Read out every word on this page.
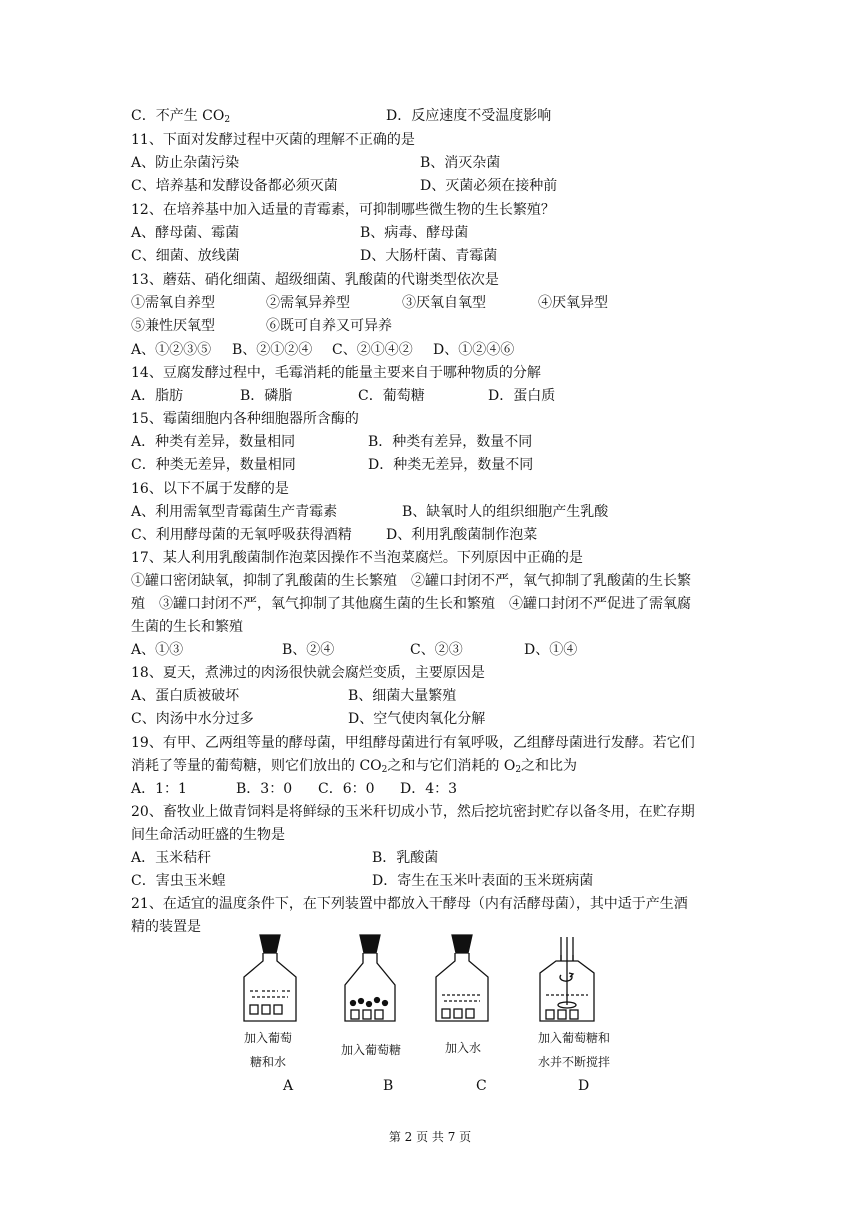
C．不产生 $CO_2$	D．反应速度不受温度影响
11、下面对发酵过程中灭菌的理解不正确的是
A、防止杂菌污染	B、消灭杂菌
C、培养基和发酵设备都必须灭菌	D、灭菌必须在接种前
12、在培养基中加入适量的青霉素，可抑制哪些微生物的生长繁殖？
A、酵母菌、霉菌	B、病毒、酵母菌
C、细菌、放线菌	D、大肠杆菌、青霉菌
13、蘑菇、硝化细菌、超级细菌、乳酸菌的代谢类型依次是
①需氧自养型	②需氧异养型	③厌氧自氧型	④厌氧异型
⑤兼性厌氧型	⑥既可自养又可异养
A、①②③⑤ B、②①②④ C、②①④② D、①②④⑥
14、豆腐发酵过程中，毛霉消耗的能量主要来自于哪种物质的分解
A．脂肪	B．磷脂	C．葡萄糖	D．蛋白质
15、霉菌细胞内各种细胞器所含酶的
A．种类有差异，数量相同	B．种类有差异，数量不同
C．种类无差异，数量相同	D．种类无差异，数量不同
16、以下不属于发酵的是
A、利用需氧型青霉菌生产青霉素	B、缺氧时人的组织细胞产生乳酸
C、利用酵母菌的无氧呼吸获得酒精 D、利用乳酸菌制作泡菜
17、某人利用乳酸菌制作泡菜因操作不当泡菜腐烂。下列原因中正确的是
①罐口密闭缺氧，抑制了乳酸菌的生长繁殖　②罐口封闭不严，氧气抑制了乳酸菌的生长繁
殖　③罐口封闭不严，氧气抑制了其他腐生菌的生长和繁殖　④罐口封闭不严促进了需氧腐
生菌的生长和繁殖
A、①③	B、②④	C、②③	D、①④
18、夏天，煮沸过的肉汤很快就会腐烂变质，主要原因是
A、蛋白质被破坏	B、细菌大量繁殖
C、肉汤中水分过多	D、空气使肉氧化分解
19、有甲、乙两组等量的酵母菌，甲组酵母菌进行有氧呼吸，乙组酵母菌进行发酵。若它们
消耗了等量的葡萄糖，则它们放出的 $CO_2$之和与它们消耗的 $O_2$之和比为
A．1：1	B．3：0 C．6：0 D．4：3
20、畜牧业上做青饲料是将鲜绿的玉米秆切成小节，然后挖坑密封贮存以备冬用，在贮存期
间生命活动旺盛的生物是
A．玉米秸秆	B．乳酸菌
C．害虫玉米蝗	D．寄生在玉米叶表面的玉米斑病菌
21、在适宜的温度条件下，在下列装置中都放入干酵母（内有活酵母菌），其中适于产生酒
精的装置是
加入葡萄
糖和水
加入葡萄糖	加入水
加入葡萄糖和
水并不断搅拌
A	B	C	D
第 2 页 共 7 页
